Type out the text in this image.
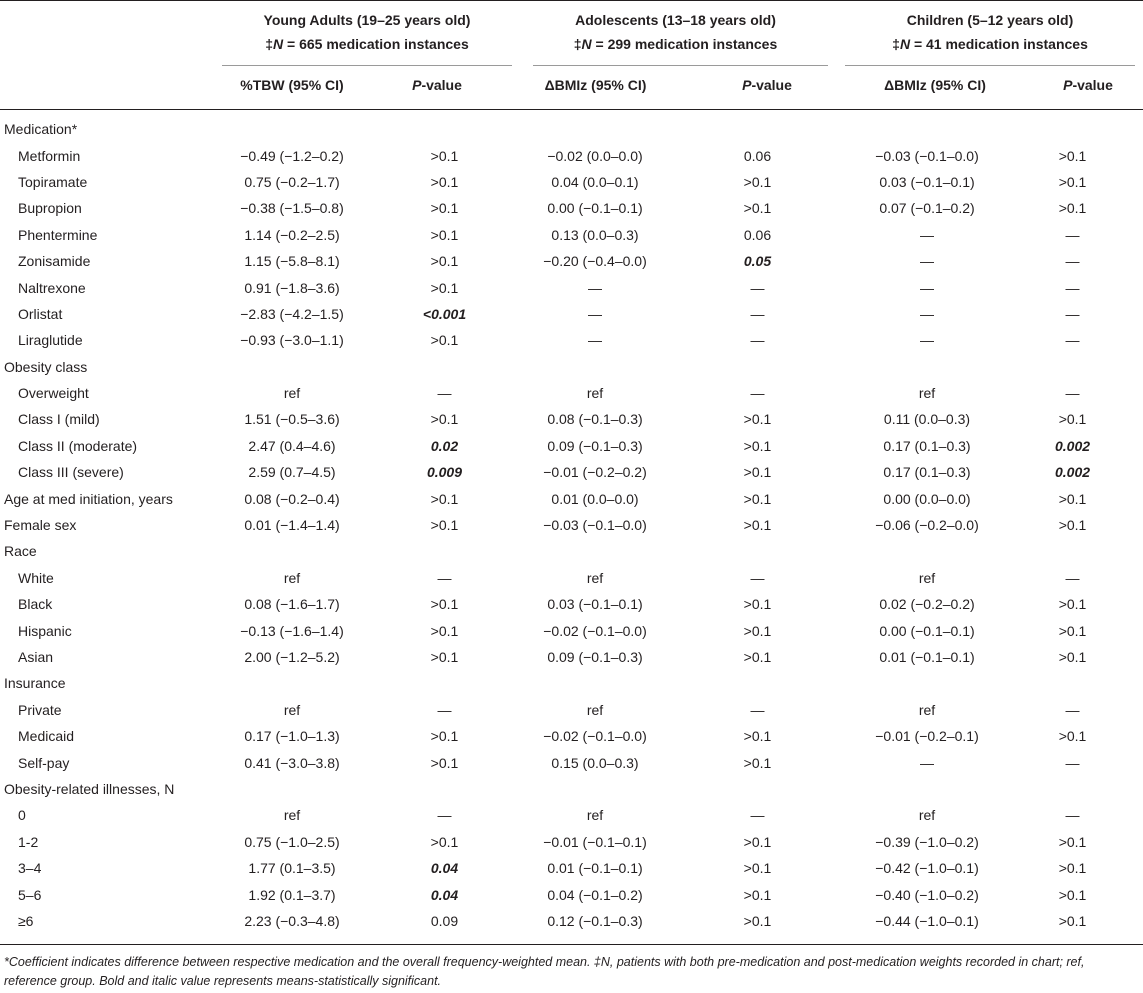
Young Adults (19–25 years old)
‡N = 665 medication instances
Adolescents (13–18 years old)
‡N = 299 medication instances
Children (5–12 years old)
‡N = 41 medication instances
%TBW (95% CI)	P-value	ΔBMIz (95% CI)	P-value	ΔBMIz (95% CI)	P-value
Medication*						
Metformin	−0.49 (−1.2–0.2)	>0.1	−0.02 (0.0–0.0)	0.06	−0.03 (−0.1–0.0)	>0.1
Topiramate	0.75 (−0.2–1.7)	>0.1	0.04 (0.0–0.1)	>0.1	0.03 (−0.1–0.1)	>0.1
Bupropion	−0.38 (−1.5–0.8)	>0.1	0.00 (−0.1–0.1)	>0.1	0.07 (−0.1–0.2)	>0.1
Phentermine	1.14 (−0.2–2.5)	>0.1	0.13 (0.0–0.3)	0.06	—	—
Zonisamide	1.15 (−5.8–8.1)	>0.1	−0.20 (−0.4–0.0)	0.05	—	—
Naltrexone	0.91 (−1.8–3.6)	>0.1	—	—	—	—
Orlistat	−2.83 (−4.2–1.5)	<0.001	—	—	—	—
Liraglutide	−0.93 (−3.0–1.1)	>0.1	—	—	—	—
Obesity class						
Overweight	ref	—	ref	—	ref	—
Class I (mild)	1.51 (−0.5–3.6)	>0.1	0.08 (−0.1–0.3)	>0.1	0.11 (0.0–0.3)	>0.1
Class II (moderate)	2.47 (0.4–4.6)	0.02	0.09 (−0.1–0.3)	>0.1	0.17 (0.1–0.3)	0.002
Class III (severe)	2.59 (0.7–4.5)	0.009	−0.01 (−0.2–0.2)	>0.1	0.17 (0.1–0.3)	0.002
Age at med initiation, years	0.08 (−0.2–0.4)	>0.1	0.01 (0.0–0.0)	>0.1	0.00 (0.0–0.0)	>0.1
Female sex	0.01 (−1.4–1.4)	>0.1	−0.03 (−0.1–0.0)	>0.1	−0.06 (−0.2–0.0)	>0.1
Race						
White	ref	—	ref	—	ref	—
Black	0.08 (−1.6–1.7)	>0.1	0.03 (−0.1–0.1)	>0.1	0.02 (−0.2–0.2)	>0.1
Hispanic	−0.13 (−1.6–1.4)	>0.1	−0.02 (−0.1–0.0)	>0.1	0.00 (−0.1–0.1)	>0.1
Asian	2.00 (−1.2–5.2)	>0.1	0.09 (−0.1–0.3)	>0.1	0.01 (−0.1–0.1)	>0.1
Insurance						
Private	ref	—	ref	—	ref	—
Medicaid	0.17 (−1.0–1.3)	>0.1	−0.02 (−0.1–0.0)	>0.1	−0.01 (−0.2–0.1)	>0.1
Self-pay	0.41 (−3.0–3.8)	>0.1	0.15 (0.0–0.3)	>0.1	—	—
Obesity-related illnesses, N						
0	ref	—	ref	—	ref	—
1-2	0.75 (−1.0–2.5)	>0.1	−0.01 (−0.1–0.1)	>0.1	−0.39 (−1.0–0.2)	>0.1
3–4	1.77 (0.1–3.5)	0.04	0.01 (−0.1–0.1)	>0.1	−0.42 (−1.0–0.1)	>0.1
5–6	1.92 (0.1–3.7)	0.04	0.04 (−0.1–0.2)	>0.1	−0.40 (−1.0–0.2)	>0.1
≥6	2.23 (−0.3–4.8)	0.09	0.12 (−0.1–0.3)	>0.1	−0.44 (−1.0–0.1)	>0.1
*Coefficient indicates difference between respective medication and the overall frequency-weighted mean. ‡N, patients with both pre-medication and post-medication weights recorded in chart; ref, reference group. Bold and italic value represents means-statistically significant.
